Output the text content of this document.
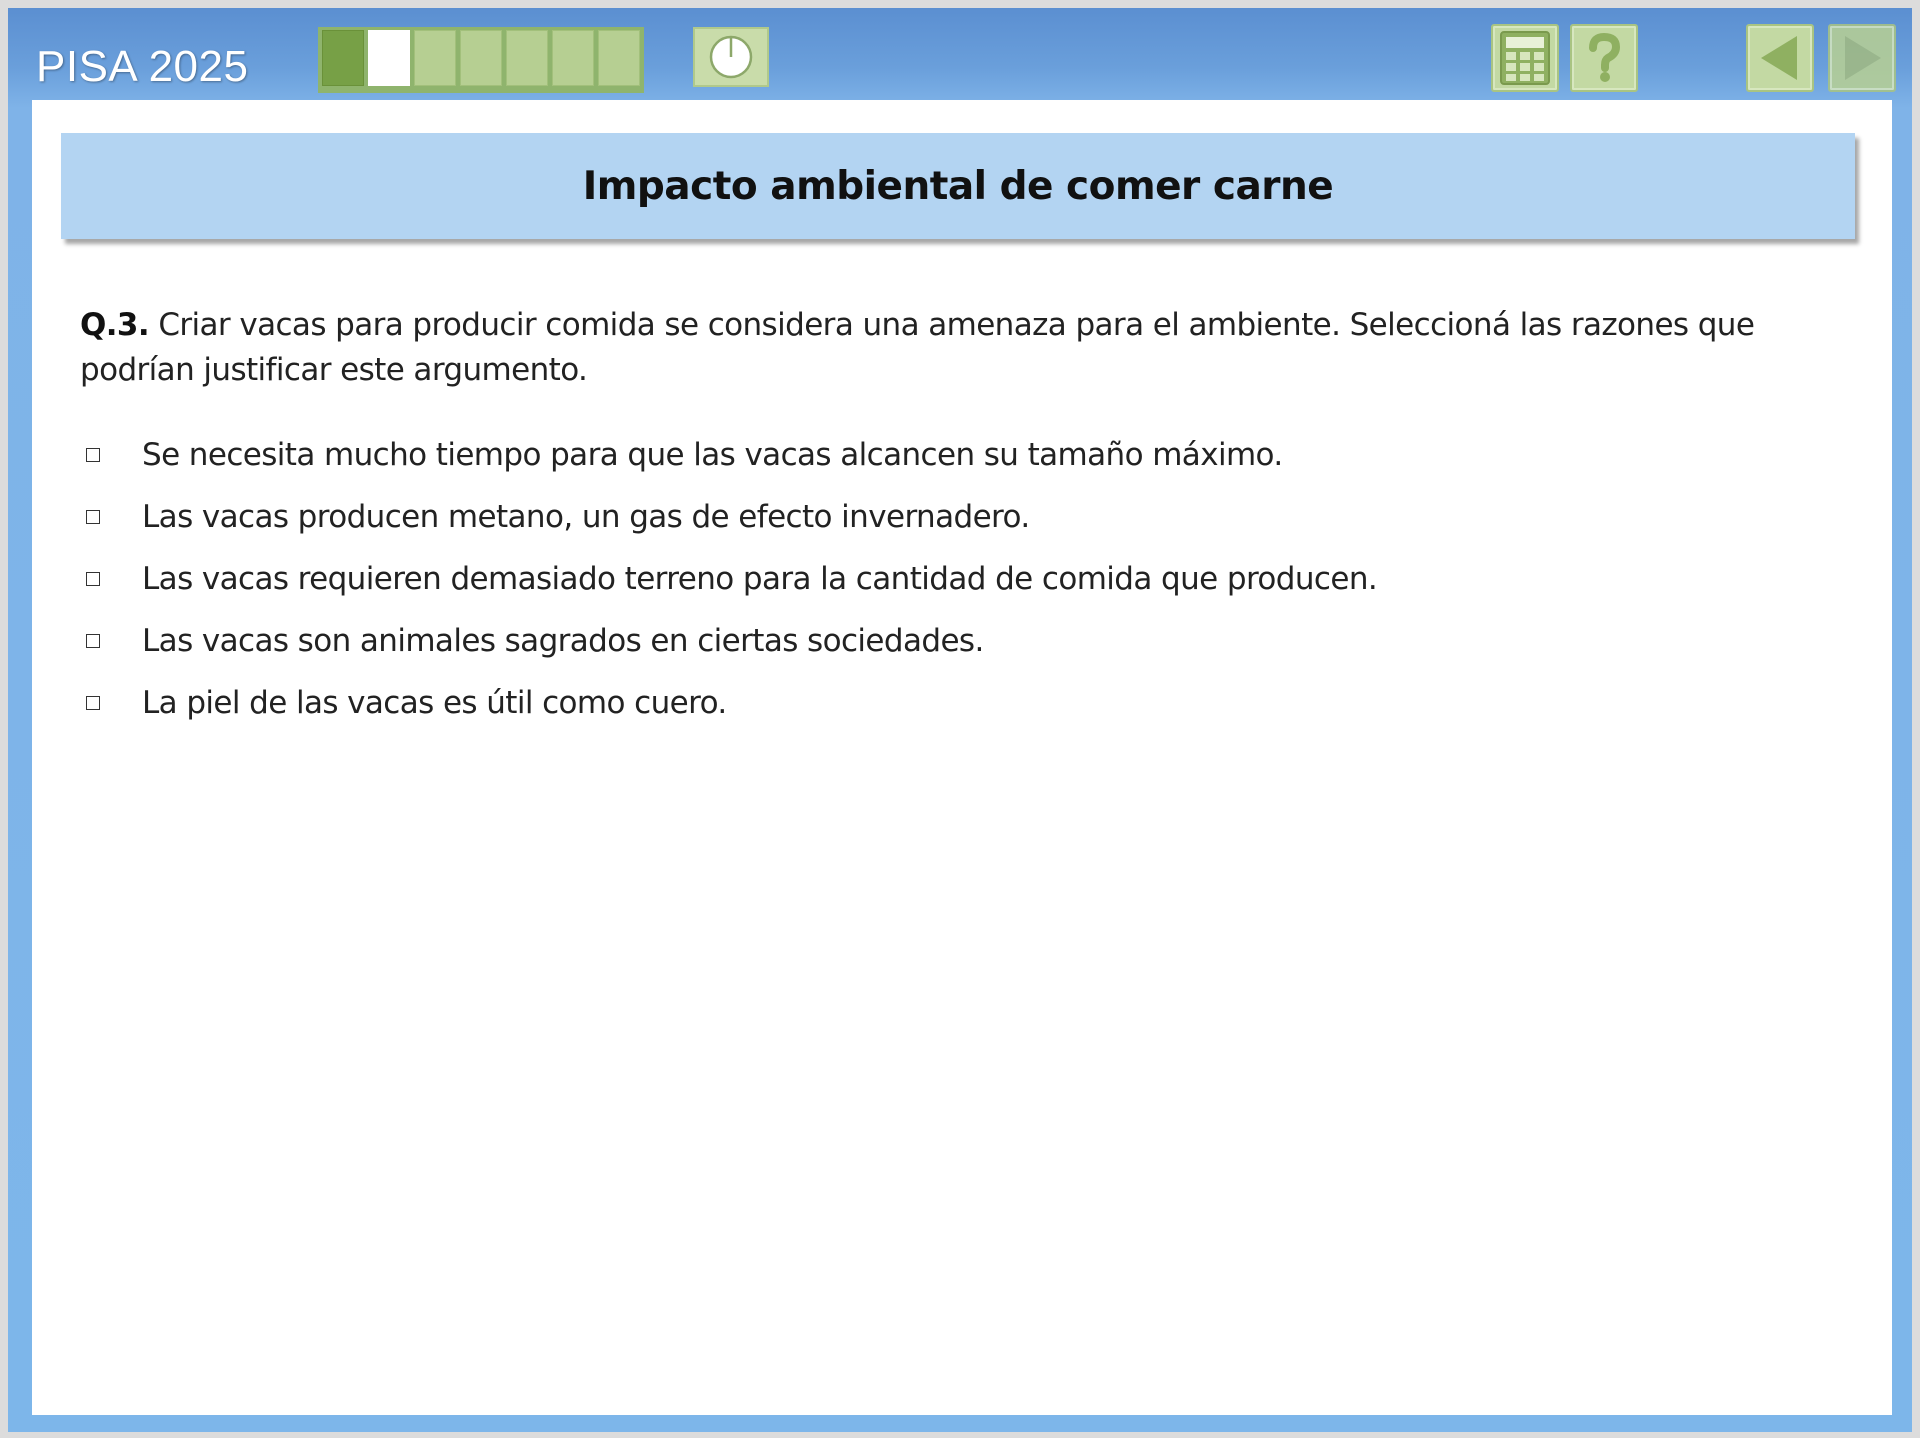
PISA 2025
Impacto ambiental de comer carne
Q.3. Criar vacas para producir comida se considera una amenaza para el ambiente. Seleccioná las razones que podrían justificar este argumento.
Se necesita mucho tiempo para que las vacas alcancen su tamaño máximo.
Las vacas producen metano, un gas de efecto invernadero.
Las vacas requieren demasiado terreno para la cantidad de comida que producen.
Las vacas son animales sagrados en ciertas sociedades.
La piel de las vacas es útil como cuero.
